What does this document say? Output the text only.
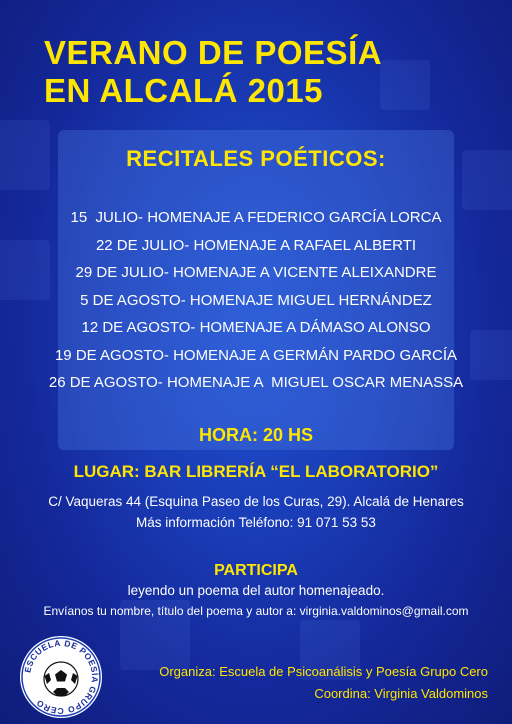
VERANO DE POESÍA
EN ALCALÁ 2015
RECITALES POÉTICOS:
15  JULIO- HOMENAJE A FEDERICO GARCÍA LORCA
22 DE JULIO- HOMENAJE A RAFAEL ALBERTI
29 DE JULIO- HOMENAJE A VICENTE ALEIXANDRE
5 DE AGOSTO- HOMENAJE MIGUEL HERNÁNDEZ
12 DE AGOSTO- HOMENAJE A DÁMASO ALONSO
19 DE AGOSTO- HOMENAJE A GERMÁN PARDO GARCÍA
26 DE AGOSTO- HOMENAJE A  MIGUEL OSCAR MENASSA
HORA: 20 HS
LUGAR: BAR LIBRERÍA “EL LABORATORIO”
C/ Vaqueras 44 (Esquina Paseo de los Curas, 29). Alcalá de Henares
Más información Teléfono: 91 071 53 53
PARTICIPA
leyendo un poema del autor homenajeado.
Envíanos tu nombre, título del poema y autor a: virginia.valdominos@gmail.com
ESCUELA DE POESÍA GRUPO CERO
Organiza: Escuela de Psicoanálisis y Poesía Grupo Cero
Coordina: Virginia Valdominos
